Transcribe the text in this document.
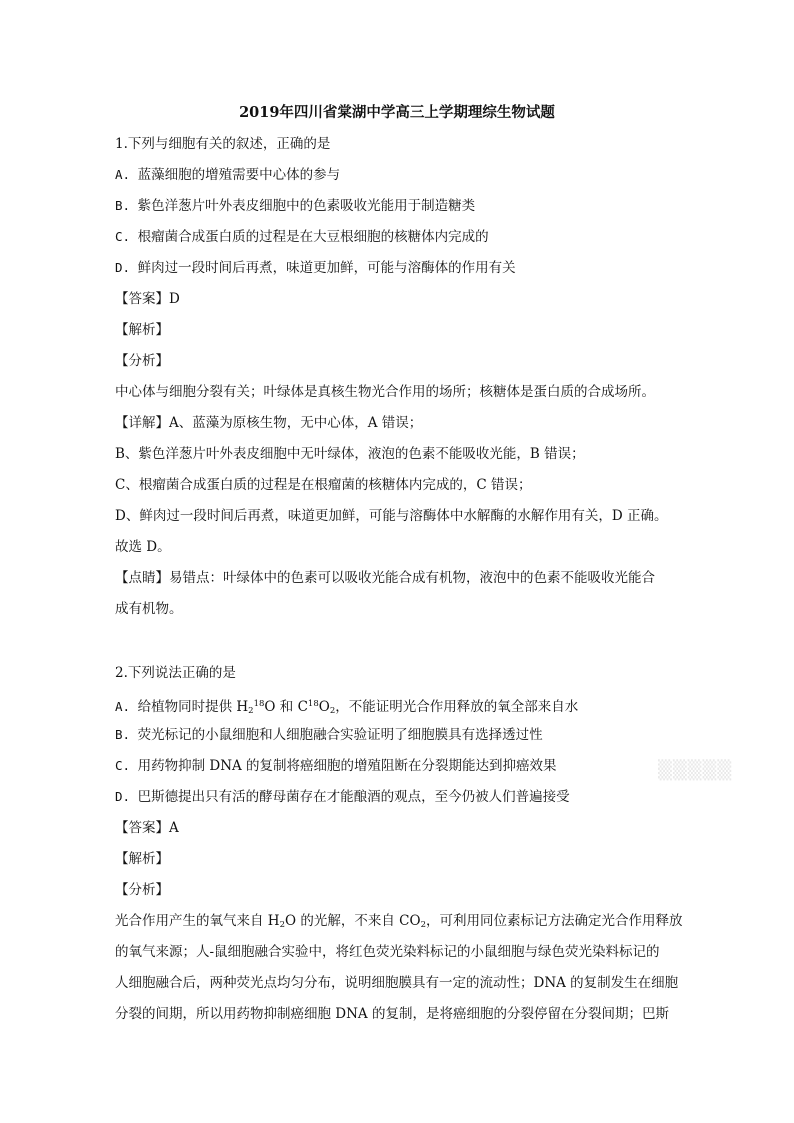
2019年四川省棠湖中学高三上学期理综生物试题
1.下列与细胞有关的叙述，正确的是
A. 蓝藻细胞的增殖需要中心体的参与
B. 紫色洋葱片叶外表皮细胞中的色素吸收光能用于制造糖类
C. 根瘤菌合成蛋白质的过程是在大豆根细胞的核糖体内完成的
D. 鲜肉过一段时间后再煮，味道更加鲜，可能与溶酶体的作用有关
【答案】D
【解析】
【分析】
中心体与细胞分裂有关；叶绿体是真核生物光合作用的场所；核糖体是蛋白质的合成场所。
【详解】A、蓝藻为原核生物，无中心体，A 错误；
B、紫色洋葱片叶外表皮细胞中无叶绿体，液泡的色素不能吸收光能，B 错误；
C、根瘤菌合成蛋白质的过程是在根瘤菌的核糖体内完成的，C 错误；
D、鲜肉过一段时间后再煮，味道更加鲜，可能与溶酶体中水解酶的水解作用有关，D 正确。
故选 D。
【点睛】易错点：叶绿体中的色素可以吸收光能合成有机物，液泡中的色素不能吸收光能合
成有机物。
2.下列说法正确的是
A. 给植物同时提供 $H_2^{18}O$ 和 $C^{18}O_2$，不能证明光合作用释放的氧全部来自水
B. 荧光标记的小鼠细胞和人细胞融合实验证明了细胞膜具有选择透过性
C. 用药物抑制 DNA 的复制将癌细胞的增殖阻断在分裂期能达到抑癌效果
D. 巴斯德提出只有活的酵母菌存在才能酿酒的观点，至今仍被人们普遍接受
【答案】A
【解析】
【分析】
光合作用产生的氧气来自 $H_2O$ 的光解，不来自 $CO_2$，可利用同位素标记方法确定光合作用释放
的氧气来源；人-鼠细胞融合实验中，将红色荧光染料标记的小鼠细胞与绿色荧光染料标记的
人细胞融合后，两种荧光点均匀分布，说明细胞膜具有一定的流动性；DNA 的复制发生在细胞
分裂的间期，所以用药物抑制癌细胞 DNA 的复制，是将癌细胞的分裂停留在分裂间期；巴斯
▒▒▒▒▒
